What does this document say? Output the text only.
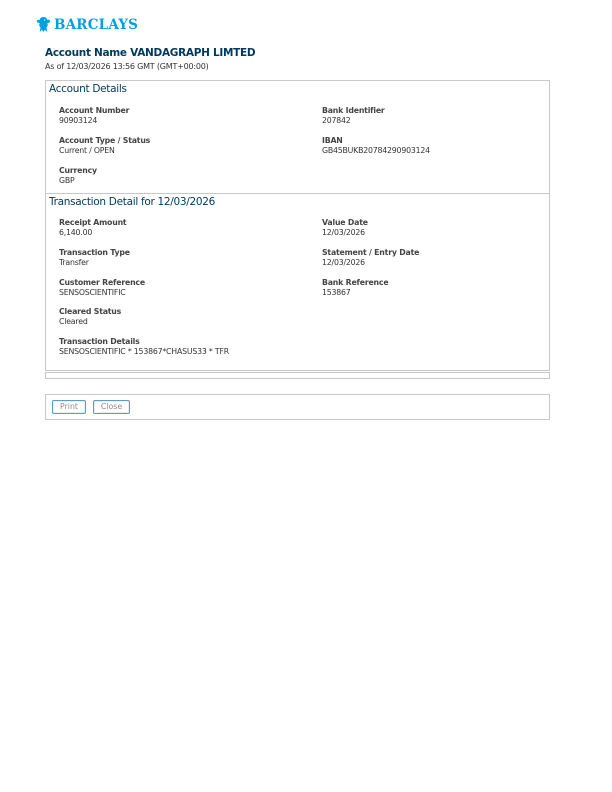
BARCLAYS
Account Name VANDAGRAPH LIMTED
As of 12/03/2026 13:56 GMT (GMT+00:00)
Account Details
Account Number
90903124
Bank Identifier
207842
Account Type / Status
Current / OPEN
IBAN
GB45BUKB20784290903124
Currency
GBP
Transaction Detail for 12/03/2026
Receipt Amount
6,140.00
Value Date
12/03/2026
Transaction Type
Transfer
Statement / Entry Date
12/03/2026
Customer Reference
SENSOSCIENTIFIC
Bank Reference
153867
Cleared Status
Cleared
Transaction Details
SENSOSCIENTIFIC * 153867*CHASUS33 * TFR
Print	Close
